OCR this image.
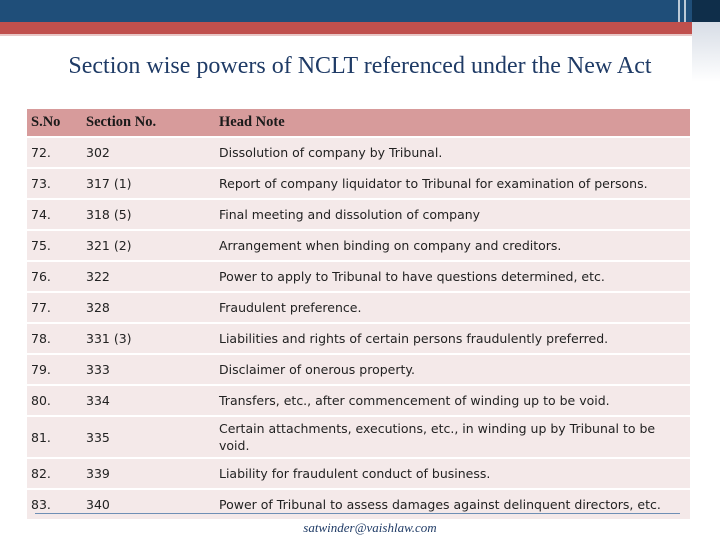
Section wise powers of NCLT referenced under the New Act
S.No	Section No.	Head Note
72.	302	Dissolution of company by Tribunal.
73.	317 (1)	Report of company liquidator to Tribunal for examination of persons.
74.	318 (5)	Final meeting and dissolution of company
75.	321 (2)	Arrangement when binding on company and creditors.
76.	322	Power to apply to Tribunal to have questions determined, etc.
77.	328	Fraudulent preference.
78.	331 (3)	Liabilities and rights of certain persons fraudulently preferred.
79.	333	Disclaimer of onerous property.
80.	334	Transfers, etc., after commencement of winding up to be void.
81.	335	Certain attachments, executions, etc., in winding up by Tribunal to be void.
82.	339	Liability for fraudulent conduct of business.
83.	340	Power of Tribunal to assess damages against delinquent directors, etc.
satwinder@vaishlaw.com
